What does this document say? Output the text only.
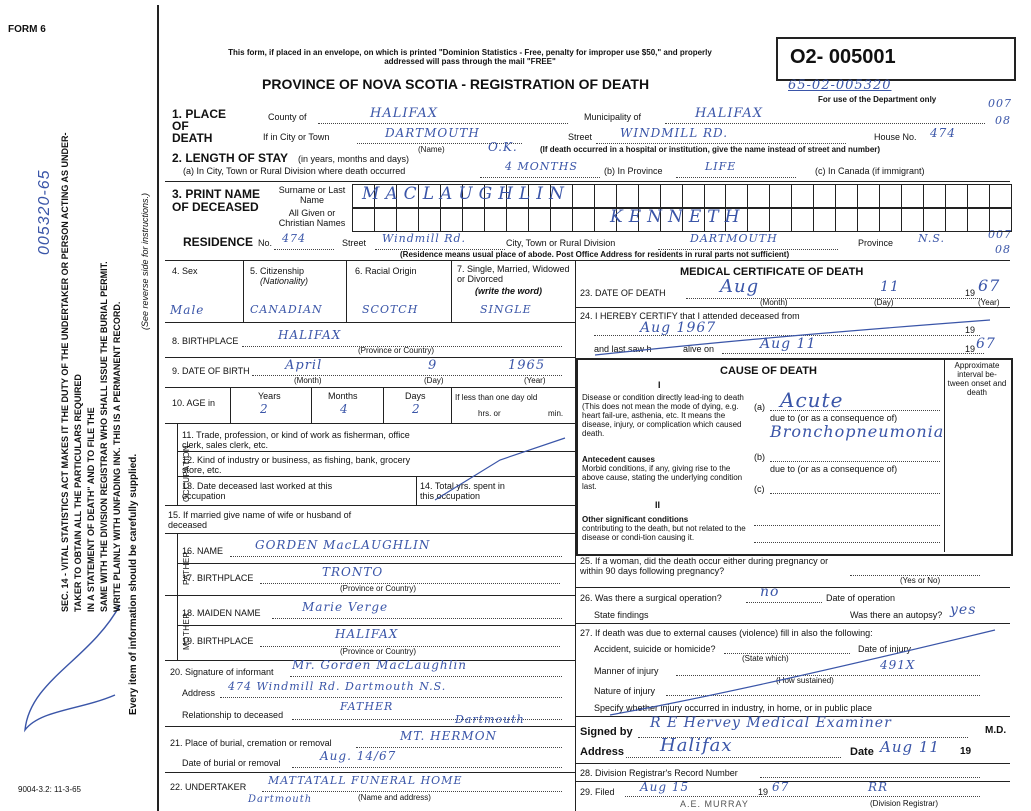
FORM 6
005320-65
9004-3.2: 11-3-65
SEC. 14 - VITAL STATISTICS ACT MAKES IT THE DUTY OF THE UNDERTAKER OR PERSON ACTING AS UNDER- TAKER TO OBTAIN ALL THE PARTICULARS REQUIRED IN A STATEMENT OF DEATH" AND TO FILE THE SAME WITH THE DIVISION REGISTRAR WHO SHALL ISSUE THE BURIAL PERMIT. WRITE PLAINLY WITH UNFADING INK. THIS IS A PERMANENT RECORD. Every item of information should be carefully supplied.
(See reverse side for instructions.)
This form, if placed in an envelope, on which is printed "Dominion Statistics - Free, penalty for improper use $50," and properly addressed will pass through the mail "FREE"
PROVINCE OF NOVA SCOTIA - REGISTRATION OF DEATH
O2- 005001
65-02-005320
For use of the Department only	007
08
007
08
1. PLACE OF DEATH
County of	HALIFAX	Municipality of	HALIFAX
If in City or Town	DARTMOUTH	Street WINDMILL RD.	House No. 474
(Name)	O.K.	(If death occurred in a hospital or institution, give the name instead of street and number)
2. LENGTH OF STAY (in years, months and days)
(a) In City, Town or Rural Division where death occurred	4 MONTHS	(b) In Province	LIFE	(c) In Canada (if immigrant)
3. PRINT NAME OF DECEASED
Surname or Last Name
All Given or Christian Names
MACLAUGHLIN
KENNETH
RESIDENCE No. 474	Street Windmill Rd.	City, Town or Rural Division	DARTMOUTH	Province N.S.
(Residence means usual place of abode. Post Office Address for residents in rural parts not sufficient)
4. Sex
Male
5. Citizenship
(Nationality)
CANADIAN
6. Racial Origin
SCOTCH
7. Single, Married, Widowed or Divorced
(write the word)
SINGLE
8. BIRTHPLACE	HALIFAX
(Province or Country)
9. DATE OF BIRTH	April	9	1965
(Month)	(Day)	(Year)
10. AGE in
Years
2
Months
4
Days
2
If less than one day old
hrs. or	min.
OCCUPATION
11. Trade, profession, or kind of work as fisherman, office clerk, sales clerk, etc.
12. Kind of industry or business, as fishing, bank, grocery store, etc.
13. Date deceased last worked at this occupation
14. Total yrs. spent in this occupation
15. If married give name of wife or husband of deceased
FATHER
16. NAME	GORDEN MacLAUGHLIN
17. BIRTHPLACE	TRONTO
(Province or Country)
MOTHER
18. MAIDEN NAME	Marie Verge
19. BIRTHPLACE	HALIFAX
(Province or Country)
20. Signature of informant Mr. Gorden MacLaughlin
Address 474 Windmill Rd. Dartmouth N.S.
Relationship to deceased
FATHER
Dartmouth
21. Place of burial, cremation or removal	MT. HERMON
Date of burial or removal	Aug. 14/67
22. UNDERTAKER MATTATALL FUNERAL HOME
Dartmouth	(Name and address)
MEDICAL CERTIFICATE OF DEATH
23. DATE OF DEATH	Aug	11	19 67
(Month)	(Day)	(Year)
24. I HEREBY CERTIFY that I attended deceased from
Aug 1967	19
and last saw h	alive on	Aug 11	19 67
CAUSE OF DEATH	Approximate interval be-tween onset and death
I
Disease or condition directly lead-ing to death (This does not mean the mode of dying, e.g. heart fail-ure, asthenia, etc. It means the disease, injury, or complication which caused death.
(a) Acute
due to (or as a consequence of)
Bronchopneumonia
Antecedent causes
Morbid conditions, if any, giving rise to the above cause, stating the underlying condition last.
(b)
due to (or as a consequence of)
(c)
II
Other significant conditions
contributing to the death, but not related to the disease or condi-tion causing it.
25. If a woman, did the death occur either during pregnancy or within 90 days following pregnancy?
(Yes or No)
26. Was there a surgical operation?	no	Date of operation
State findings	Was there an autopsy? yes
27. If death was due to external causes (violence) fill in also the following:
Accident, suicide or homicide?
(State which)
Date of injury
Manner of injury	491X
(How sustained)
Nature of injury
Specify whether injury occurred in industry, in home, or in public place
Signed by
R E Hervey Medical Examiner	M.D.
Address Halifax	Date Aug 11 19
28. Division Registrar's Record Number
29. Filed Aug 15	19 67
A.E. MURRAY
RR
(Division Registrar)
